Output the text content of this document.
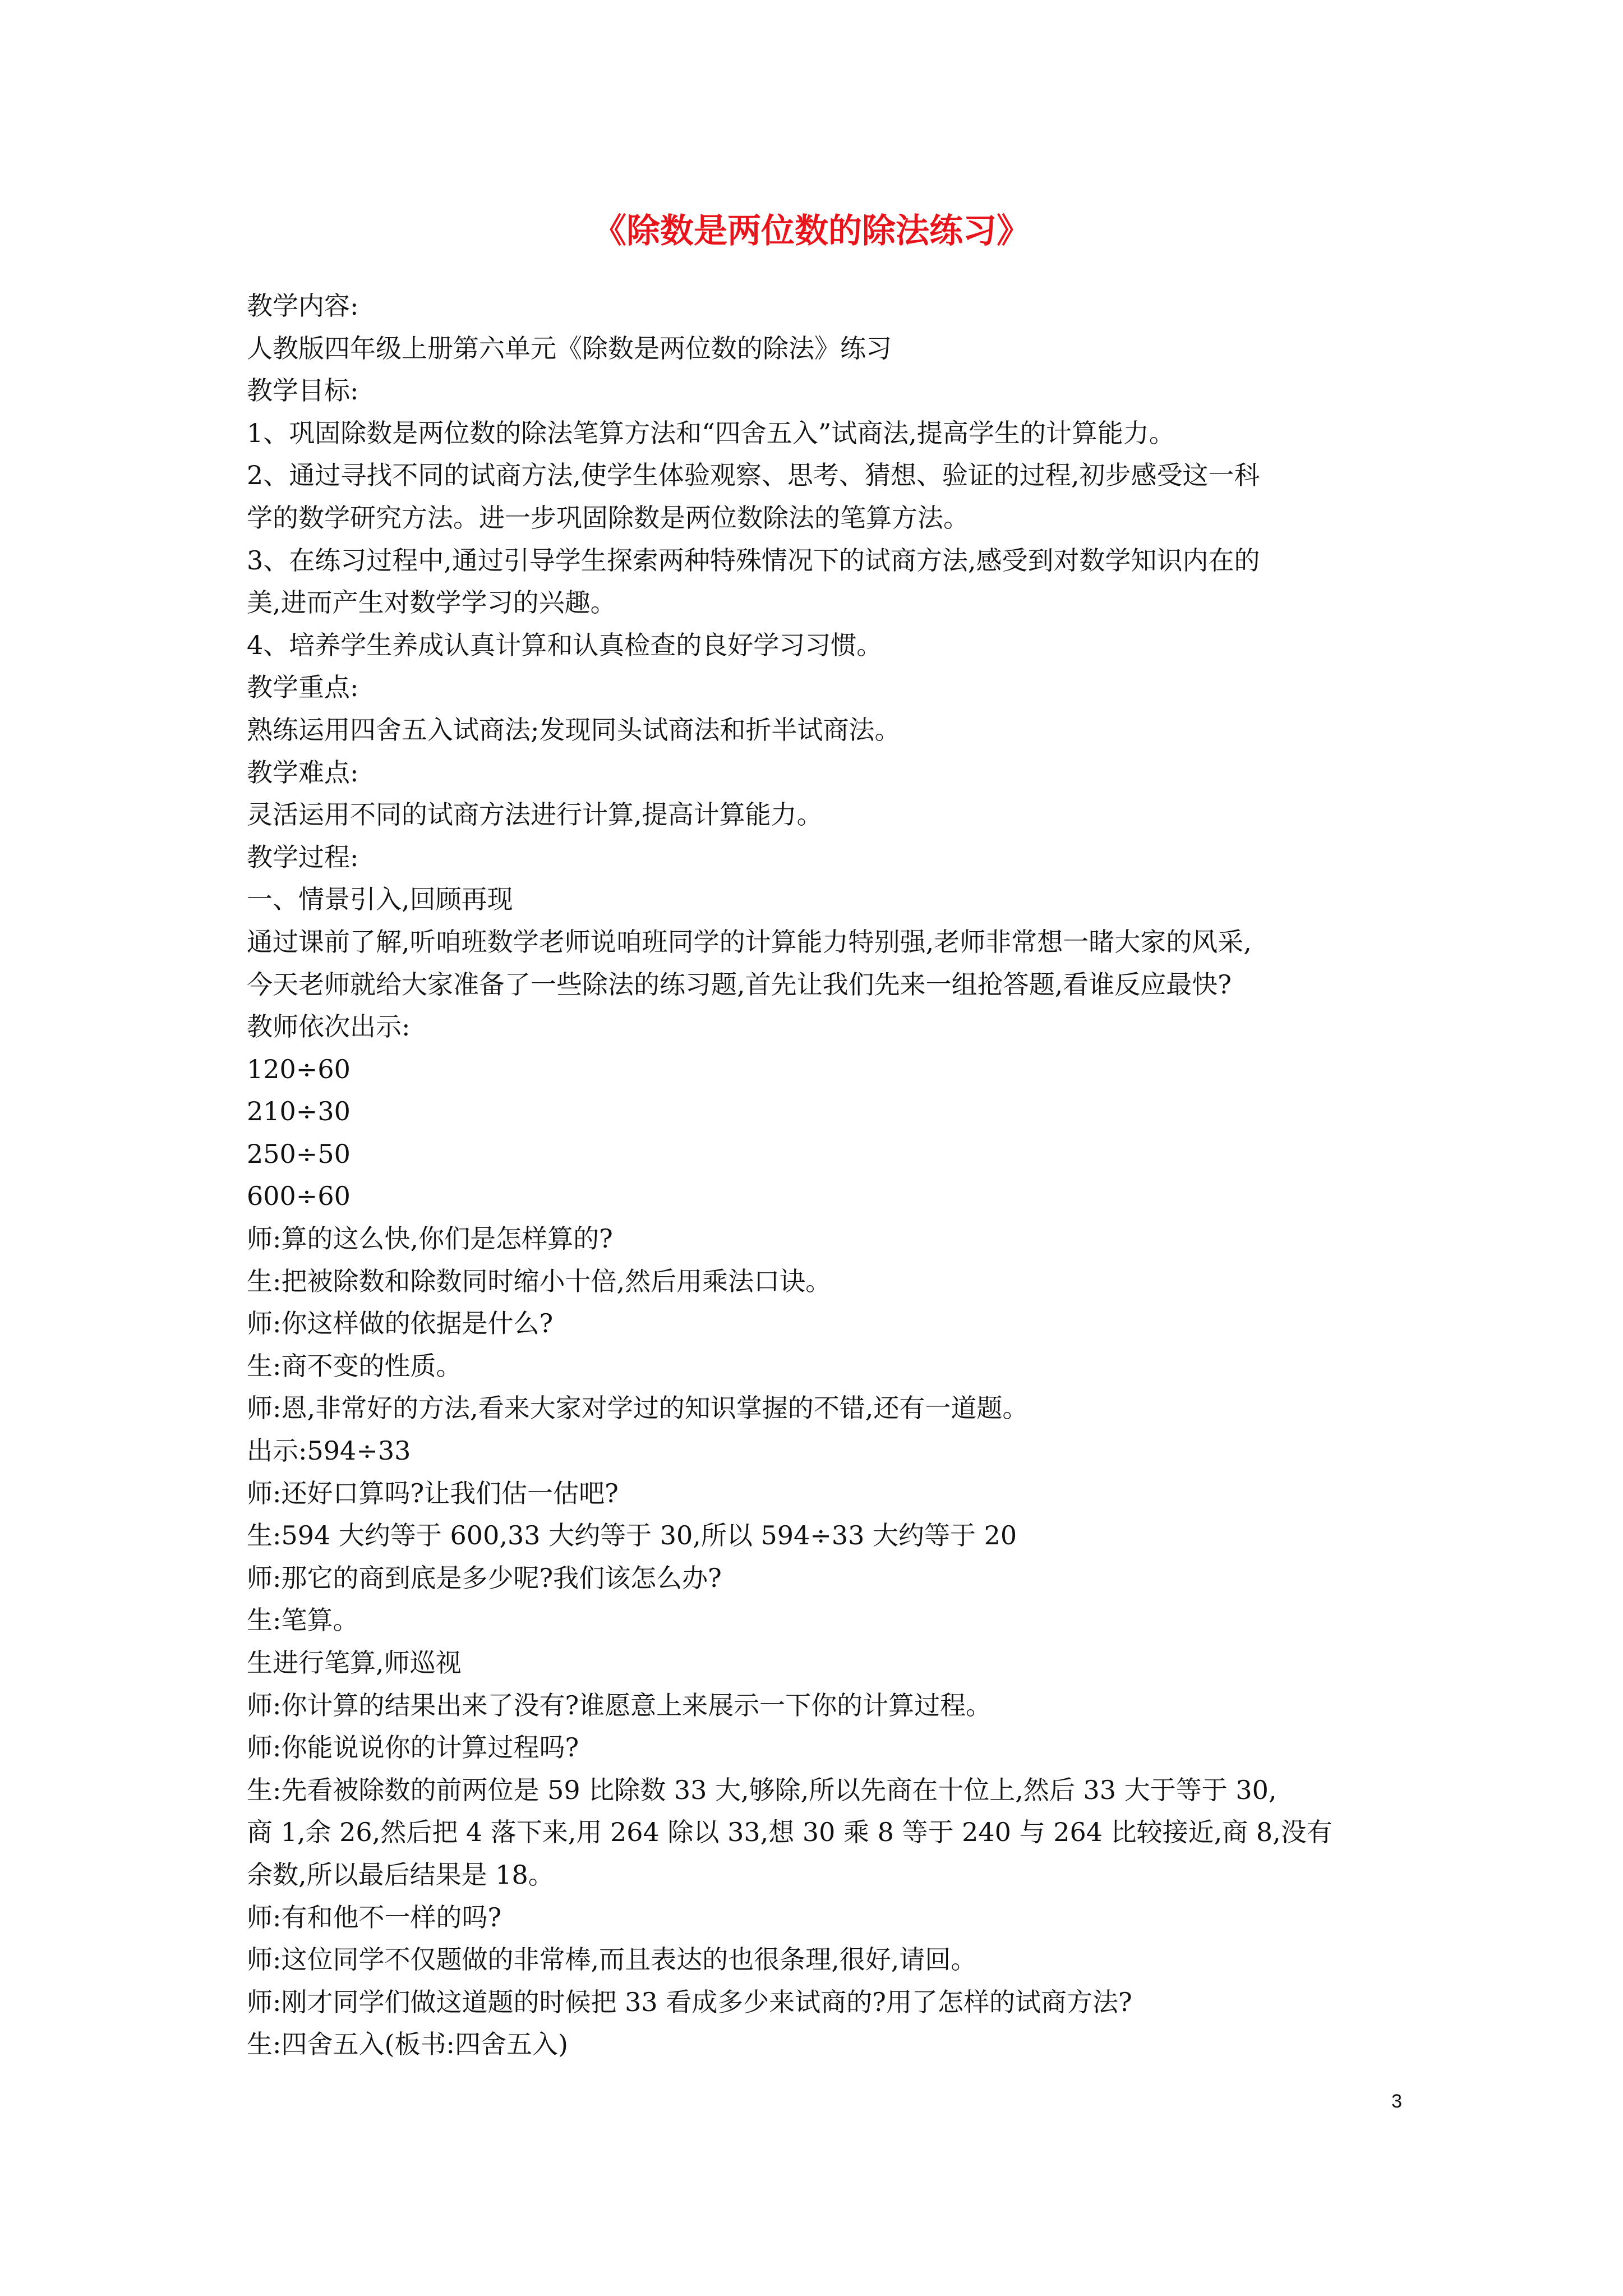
《除数是两位数的除法练习》
教学内容:
人教版四年级上册第六单元《除数是两位数的除法》练习
教学目标:
1、巩固除数是两位数的除法笔算方法和“四舍五入”试商法,提高学生的计算能力。
2、通过寻找不同的试商方法,使学生体验观察、思考、猜想、验证的过程,初步感受这一科
学的数学研究方法。进一步巩固除数是两位数除法的笔算方法。
3、在练习过程中,通过引导学生探索两种特殊情况下的试商方法,感受到对数学知识内在的
美,进而产生对数学学习的兴趣。
4、培养学生养成认真计算和认真检查的良好学习习惯。
教学重点:
熟练运用四舍五入试商法;发现同头试商法和折半试商法。
教学难点:
灵活运用不同的试商方法进行计算,提高计算能力。
教学过程:
一、情景引入,回顾再现
通过课前了解,听咱班数学老师说咱班同学的计算能力特别强,老师非常想一睹大家的风采,
今天老师就给大家准备了一些除法的练习题,首先让我们先来一组抢答题,看谁反应最快?
教师依次出示:
120÷60
210÷30
250÷50
600÷60
师:算的这么快,你们是怎样算的?
生:把被除数和除数同时缩小十倍,然后用乘法口诀。
师:你这样做的依据是什么?
生:商不变的性质。
师:恩,非常好的方法,看来大家对学过的知识掌握的不错,还有一道题。
出示:594÷33
师:还好口算吗?让我们估一估吧?
生:594 大约等于 600,33 大约等于 30,所以 594÷33 大约等于 20
师:那它的商到底是多少呢?我们该怎么办?
生:笔算。
生进行笔算,师巡视
师:你计算的结果出来了没有?谁愿意上来展示一下你的计算过程。
师:你能说说你的计算过程吗?
生:先看被除数的前两位是 59 比除数 33 大,够除,所以先商在十位上,然后 33 大于等于 30,
商 1,余 26,然后把 4 落下来,用 264 除以 33,想 30 乘 8 等于 240 与 264 比较接近,商 8,没有
余数,所以最后结果是 18。
师:有和他不一样的吗?
师:这位同学不仅题做的非常棒,而且表达的也很条理,很好,请回。
师:刚才同学们做这道题的时候把 33 看成多少来试商的?用了怎样的试商方法?
生:四舍五入(板书:四舍五入)
3
